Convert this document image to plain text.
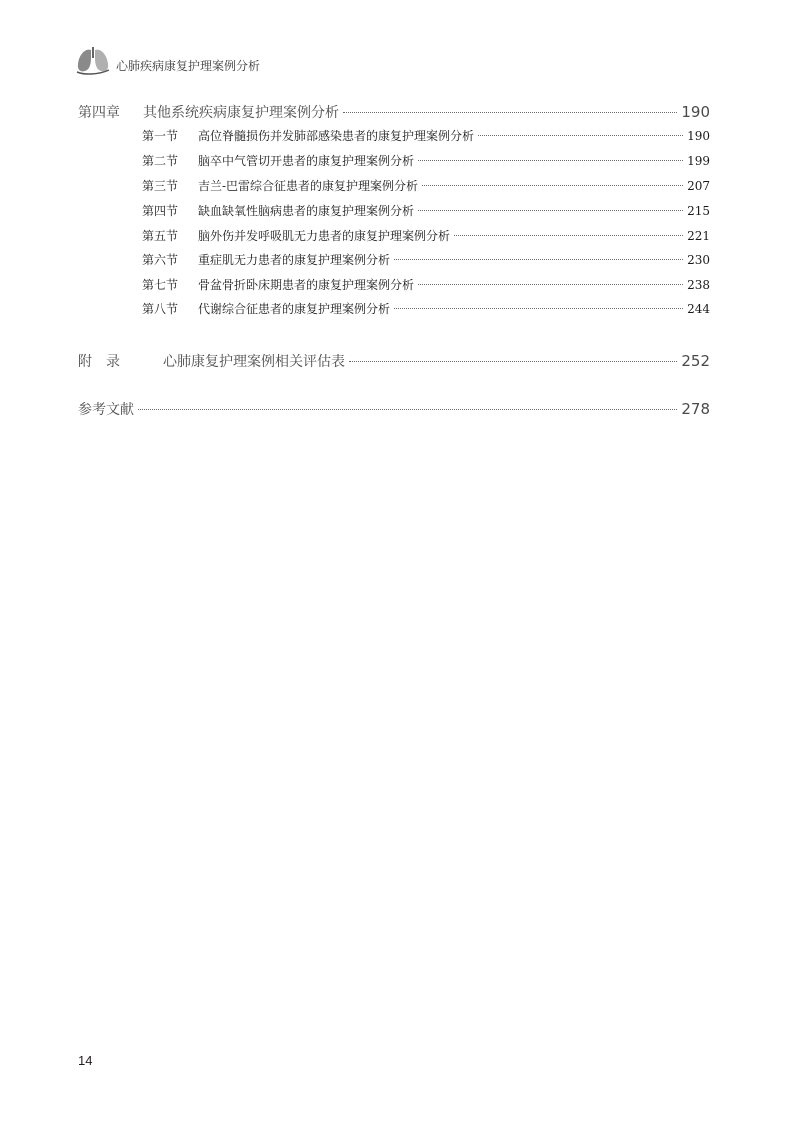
心肺疾病康复护理案例分析
第四章	其他系统疾病康复护理案例分析	190
第一节	高位脊髓损伤并发肺部感染患者的康复护理案例分析	190
第二节	脑卒中气管切开患者的康复护理案例分析	199
第三节	吉兰-巴雷综合征患者的康复护理案例分析	207
第四节	缺血缺氧性脑病患者的康复护理案例分析	215
第五节	脑外伤并发呼吸肌无力患者的康复护理案例分析	221
第六节	重症肌无力患者的康复护理案例分析	230
第七节	骨盆骨折卧床期患者的康复护理案例分析	238
第八节	代谢综合征患者的康复护理案例分析	244
附　录	心肺康复护理案例相关评估表	252
参考文献	278
14
